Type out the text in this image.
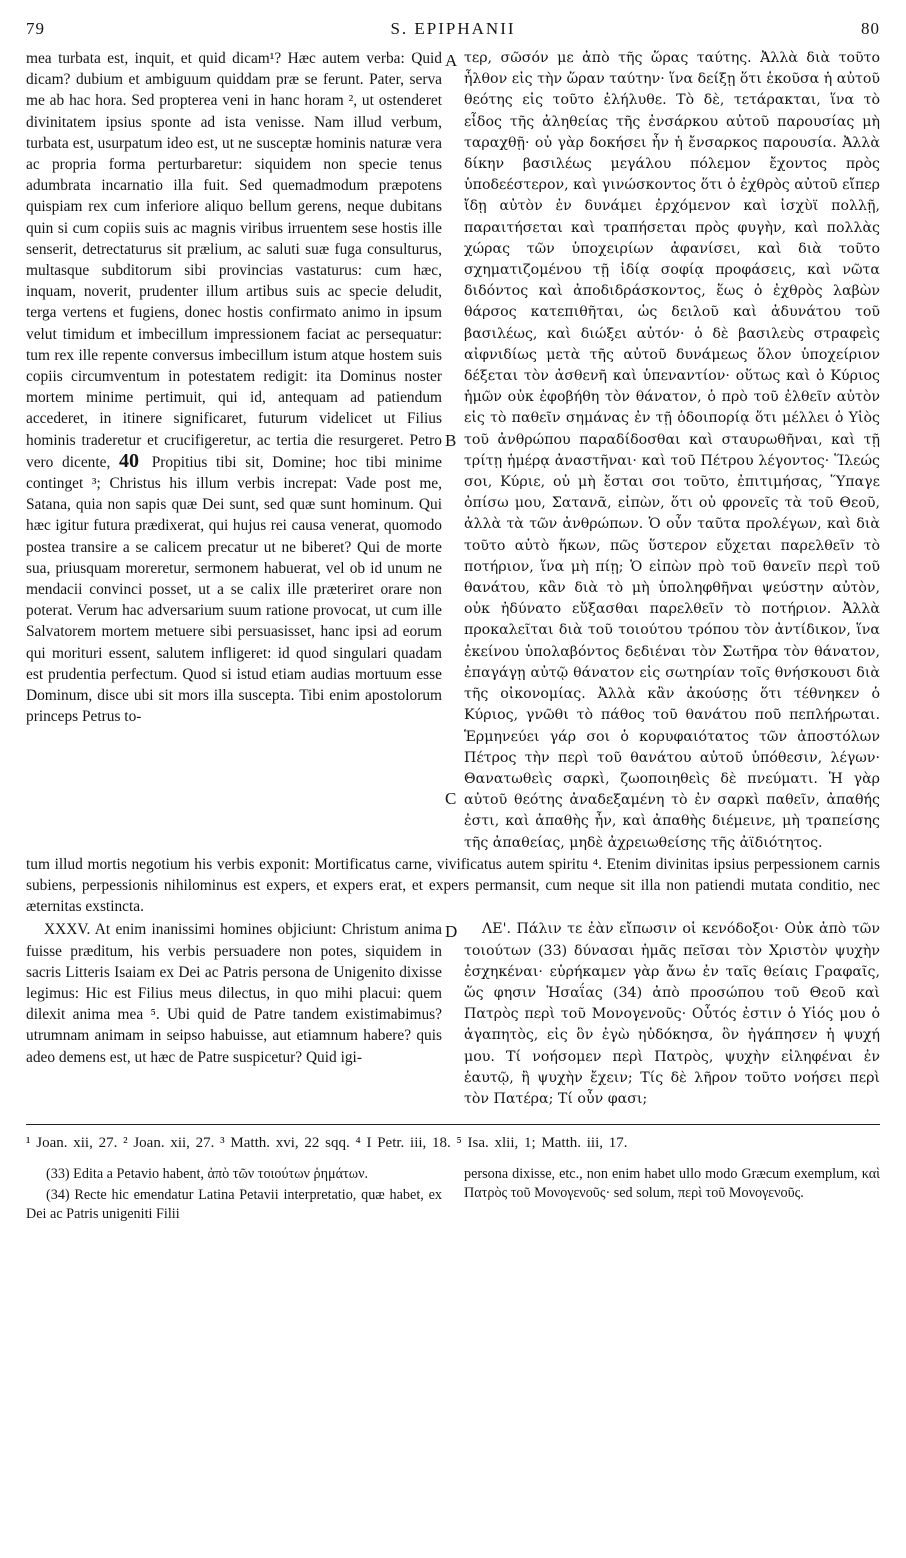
79	S. EPIPHANII	80
A
B
C

mea turbata est, inquit, et quid dicam¹? Hæc autem verba: Quid dicam? dubium et ambiguum quiddam præ se ferunt. Pater, serva me ab hac hora. Sed propterea veni in hanc horam ², ut ostenderet divinitatem ipsius sponte ad ista venisse. Nam illud verbum, turbata est, usurpatum ideo est, ut ne susceptæ hominis naturæ vera ac propria forma perturbaretur: siquidem non specie tenus adumbrata incarnatio illa fuit. Sed quemadmodum præpotens quispiam rex cum inferiore aliquo bellum gerens, neque dubitans quin si cum copiis suis ac magnis viribus irruentem sese hostis ille senserit, detrectaturus sit prælium, ac saluti suæ fuga consulturus, multasque subditorum sibi provincias vastaturus: cum hæc, inquam, noverit, prudenter illum artibus suis ac specie deludit, terga vertens et fugiens, donec hostis confirmato animo in ipsum velut timidum et imbecillum impressionem faciat ac persequatur: tum rex ille repente conversus imbecillum istum atque hostem suis copiis circumventum in potestatem redigit: ita Dominus noster mortem minime pertimuit, qui id, antequam ad patiendum accederet, in itinere significaret, futurum videlicet ut Filius hominis traderetur et crucifigeretur, ac tertia die resurgeret. Petro vero dicente, 40 Propitius tibi sit, Domine; hoc tibi minime continget ³; Christus his illum verbis increpat: Vade post me, Satana, quia non sapis quæ Dei sunt, sed quæ sunt hominum. Qui hæc igitur futura prædixerat, qui hujus rei causa venerat, quomodo postea transire a se calicem precatur ut ne biberet? Qui de morte sua, priusquam moreretur, sermonem habuerat, vel ob id unum ne mendacii convinci posset, ut a se calix ille præteriret orare non poterat. Verum hac adversarium suum ratione provocat, ut cum ille Salvatorem mortem metuere sibi persuasisset, hanc ipsi ad eorum qui morituri essent, salutem infligeret: id quod singulari quadam est prudentia perfectum. Quod si istud etiam audias mortuum esse Dominum, disce ubi sit mors illa suscepta. Tibi enim apostolorum princeps Petrus to-

τερ, σῶσόν με ἀπὸ τῆς ὥρας ταύτης. Ἀλλὰ διὰ τοῦτο ἦλθον εἰς τὴν ὥραν ταύτην· ἵνα δείξῃ ὅτι ἑκοῦσα ἡ αὐτοῦ θεότης εἰς τοῦτο ἐλήλυθε. Τὸ δὲ, τετάρακται, ἵνα τὸ εἶδος τῆς ἀληθείας τῆς ἐνσάρκου αὐτοῦ παρουσίας μὴ ταραχθῇ· οὐ γὰρ δοκήσει ἦν ἡ ἔνσαρκος παρουσία. Ἀλλὰ δίκην βασιλέως μεγάλου πόλεμον ἔχοντος πρὸς ὑποδεέστερον, καὶ γινώσκοντος ὅτι ὁ ἐχθρὸς αὐτοῦ εἴπερ ἴδῃ αὐτὸν ἐν δυνάμει ἐρχόμενον καὶ ἰσχὺϊ πολλῇ, παραιτήσεται καὶ τραπήσεται πρὸς φυγὴν, καὶ πολλὰς χώρας τῶν ὑποχειρίων ἀφανίσει, καὶ διὰ τοῦτο σχηματιζομένου τῇ ἰδίᾳ σοφίᾳ προφάσεις, καὶ νῶτα διδόντος καὶ ἀποδιδράσκοντος, ἕως ὁ ἐχθρὸς λαβὼν θάρσος κατεπιθῆται, ὡς δειλοῦ καὶ ἀδυνάτου τοῦ βασιλέως, καὶ διώξει αὐτόν· ὁ δὲ βασιλεὺς στραφεὶς αἰφνιδίως μετὰ τῆς αὐτοῦ δυνάμεως ὅλον ὑποχείριον δέξεται τὸν ἀσθενῆ καὶ ὑπεναντίον· οὕτως καὶ ὁ Κύριος ἡμῶν οὐκ ἐφοβήθη τὸν θάνατον, ὁ πρὸ τοῦ ἐλθεῖν αὐτὸν εἰς τὸ παθεῖν σημάνας ἐν τῇ ὁδοιπορίᾳ ὅτι μέλλει ὁ Υἱὸς τοῦ ἀνθρώπου παραδίδοσθαι καὶ σταυρωθῆναι, καὶ τῇ τρίτῃ ἡμέρᾳ ἀναστῆναι· καὶ τοῦ Πέτρου λέγοντος· Ἵλεώς σοι, Κύριε, οὐ μὴ ἔσται σοι τοῦτο, ἐπιτιμήσας, Ὕπαγε ὀπίσω μου, Σατανᾶ, εἰπὼν, ὅτι οὐ φρονεῖς τὰ τοῦ Θεοῦ, ἀλλὰ τὰ τῶν ἀνθρώπων. Ὁ οὖν ταῦτα προλέγων, καὶ διὰ τοῦτο αὐτὸ ἥκων, πῶς ὕστερον εὔχεται παρελθεῖν τὸ ποτήριον, ἵνα μὴ πίῃ; Ὁ εἰπὼν πρὸ τοῦ θανεῖν περὶ τοῦ θανάτου, κἂν διὰ τὸ μὴ ὑποληφθῆναι ψεύστην αὐτὸν, οὐκ ἠδύνατο εὔξασθαι παρελθεῖν τὸ ποτήριον. Ἀλλὰ προκαλεῖται διὰ τοῦ τοιούτου τρόπου τὸν ἀντίδικον, ἵνα ἐκείνου ὑπολαβόντος δεδιέναι τὸν Σωτῆρα τὸν θάνατον, ἐπαγάγῃ αὐτῷ θάνατον εἰς σωτηρίαν τοῖς θνήσκουσι διὰ τῆς οἰκονομίας. Ἀλλὰ κἂν ἀκούσῃς ὅτι τέθνηκεν ὁ Κύριος, γνῶθι τὸ πάθος τοῦ θανάτου ποῦ πεπλήρωται. Ἑρμηνεύει γάρ σοι ὁ κορυφαιότατος τῶν ἀποστόλων Πέτρος τὴν περὶ τοῦ θανάτου αὐτοῦ ὑπόθεσιν, λέγων· Θανατωθεὶς σαρκὶ, ζωοποιηθεὶς δὲ πνεύματι. Ἡ γὰρ αὐτοῦ θεότης ἀναδεξαμένη τὸ ἐν σαρκὶ παθεῖν, ἀπαθής ἐστι, καὶ ἀπαθὴς ἦν, καὶ ἀπαθὴς διέμεινε, μὴ τραπείσης τῆς ἀπαθείας, μηδὲ ἀχρειωθείσης τῆς ἀϊδιότητος.

tum illud mortis negotium his verbis exponit: Mortificatus carne, vivificatus autem spiritu ⁴. Etenim divinitas ipsius perpessionem carnis subiens, perpessionis nihilominus est expers, et expers erat, et expers permansit, cum neque sit illa non patiendi mutata conditio, nec æternitas exstincta.

D

XXXV. At enim inanissimi homines objiciunt: Christum anima fuisse præditum, his verbis persuadere non potes, siquidem in sacris Litteris Isaiam ex Dei ac Patris persona de Unigenito dixisse legimus: Hic est Filius meus dilectus, in quo mihi placui: quem dilexit anima mea ⁵. Ubi quid de Patre tandem existimabimus? utrumnam animam in seipso habuisse, aut etiamnum habere? quis adeo demens est, ut hæc de Patre suspicetur? Quid igi-

ΛΕ'. Πάλιν τε ἐὰν εἴπωσιν οἱ κενόδοξοι· Οὐκ ἀπὸ τῶν τοιούτων (33) δύνασαι ἡμᾶς πεῖσαι τὸν Χριστὸν ψυχὴν ἐσχηκέναι· εὑρήκαμεν γὰρ ἄνω ἐν ταῖς θείαις Γραφαῖς, ὥς φησιν Ἡσαΐας (34) ἀπὸ προσώπου τοῦ Θεοῦ καὶ Πατρὸς περὶ τοῦ Μονογενοῦς· Οὗτός ἐστιν ὁ Υἱός μου ὁ ἀγαπητὸς, εἰς ὃν ἐγὼ ηὐδόκησα, ὃν ἠγάπησεν ἡ ψυχή μου. Τί νοήσομεν περὶ Πατρὸς, ψυχὴν εἰληφέναι ἐν ἑαυτῷ, ἢ ψυχὴν ἔχειν; Τίς δὲ λῆρον τοῦτο νοήσει περὶ τὸν Πατέρα; Τί οὖν φασι;

¹ Joan. xii, 27. ² Joan. xii, 27. ³ Matth. xvi, 22 sqq. ⁴ I Petr. iii, 18. ⁵ Isa. xlii, 1; Matth. iii, 17.

(33) Edita a Petavio habent, ἀπὸ τῶν τοιούτων ῥημάτων.

(34) Recte hic emendatur Latina Petavii interpretatio, quæ habet, ex Dei ac Patris unigeniti Filii

persona dixisse, etc., non enim habet ullo modo Græcum exemplum, καὶ Πατρὸς τοῦ Μονογενοῦς· sed solum, περὶ τοῦ Μονογενοῦς.
